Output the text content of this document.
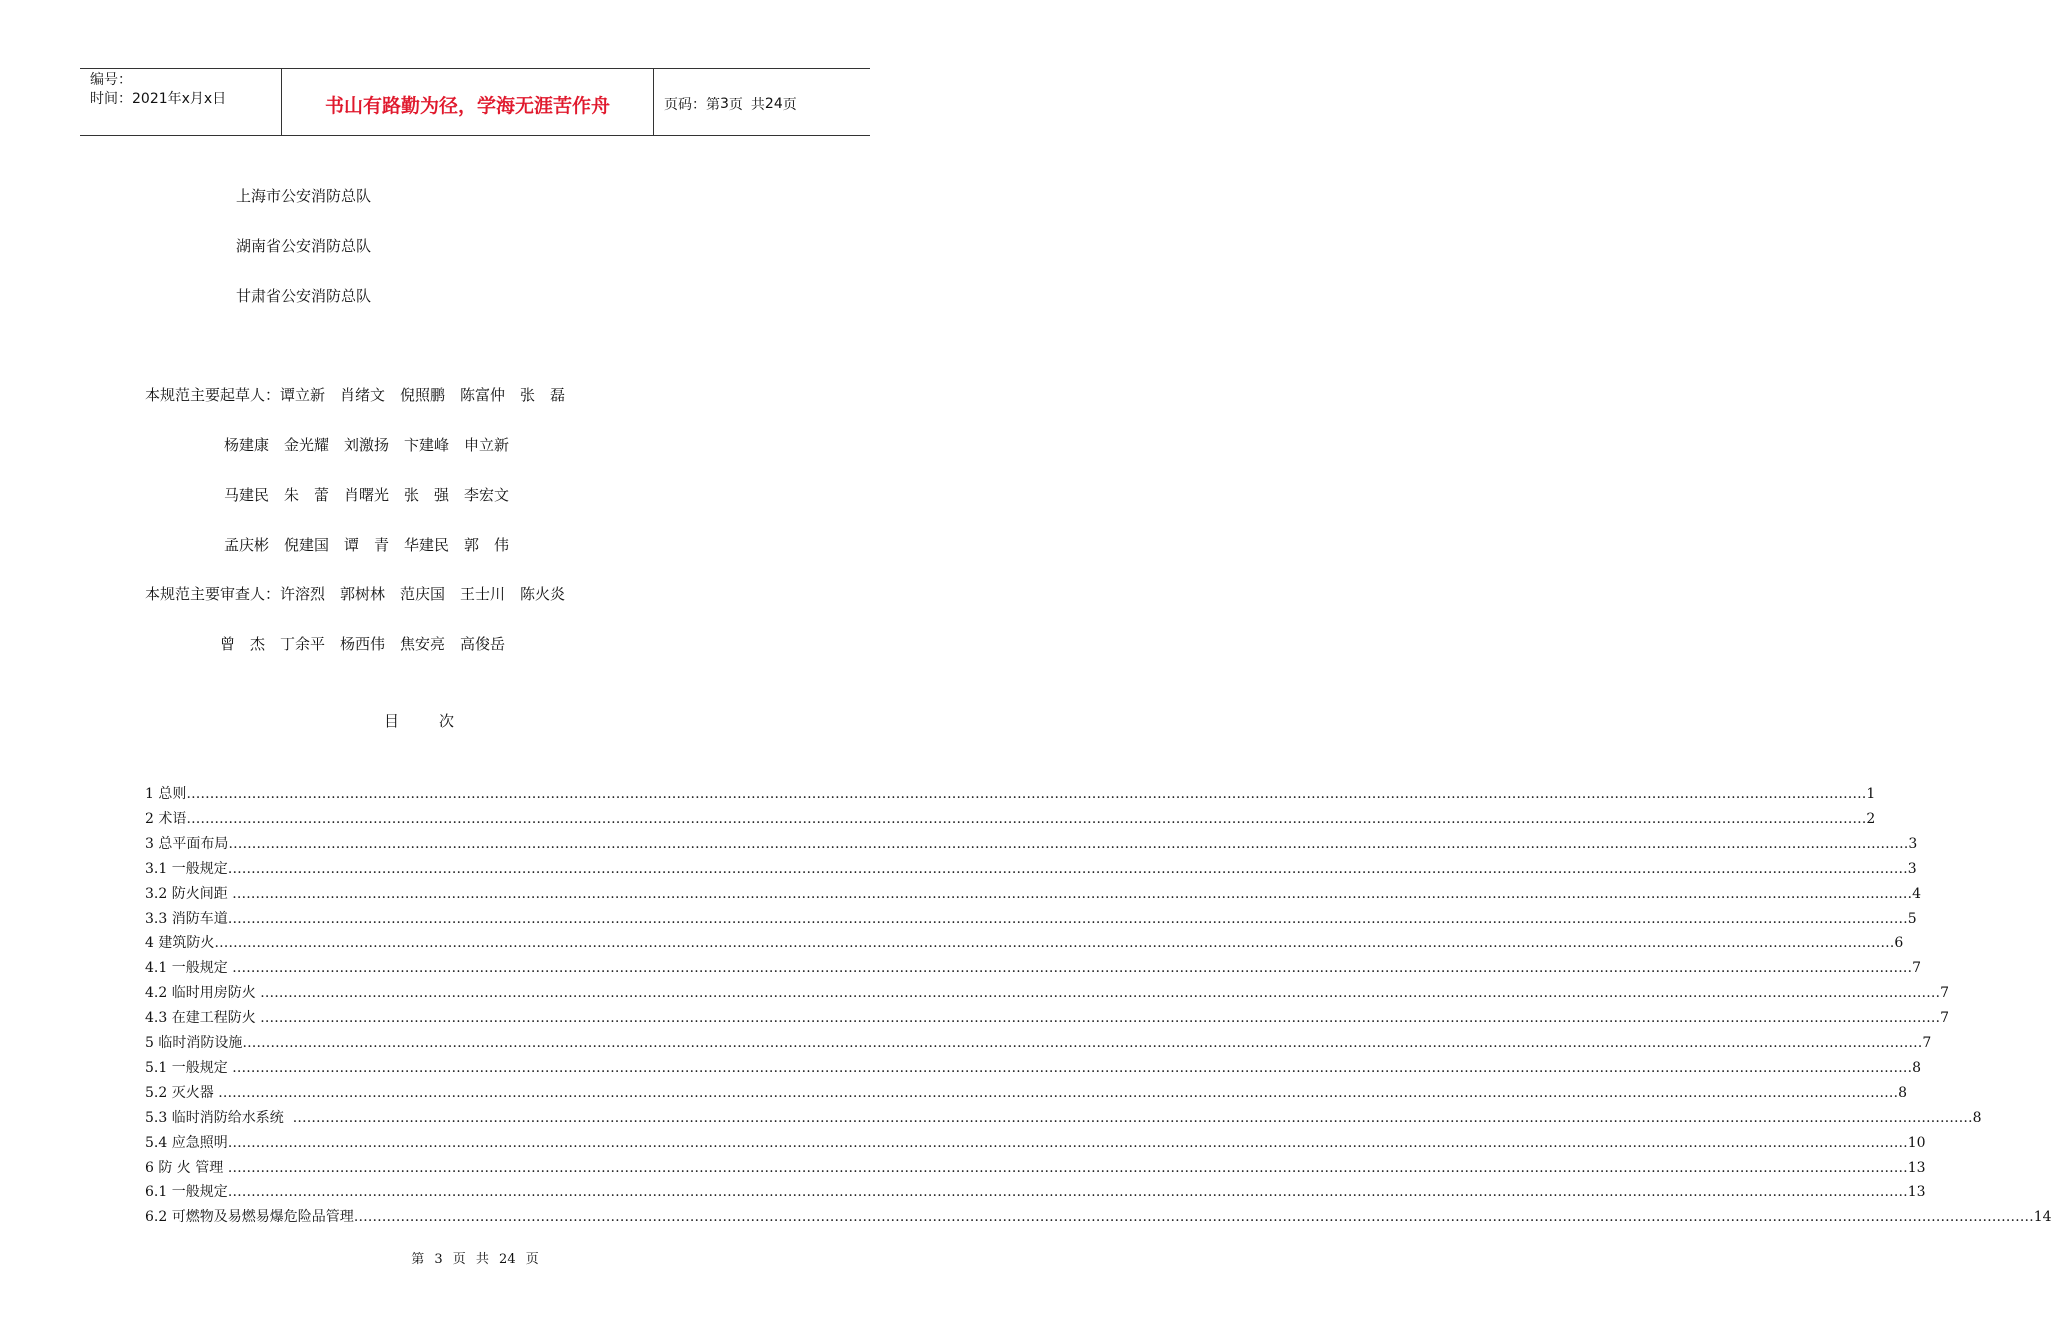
编号：
时间：2021年x月x日	书山有路勤为径，学海无涯苦作舟	页码：第 3 页 共 24 页
上海市公安消防总队
湖南省公安消防总队
甘肃省公安消防总队
本规范主要起草人：谭立新　肖绪文　倪照鹏　陈富仲　张　磊
杨建康　金光耀　刘激扬　卞建峰　申立新
马建民　朱　蕾　肖曙光　张　强　李宏文
孟庆彬　倪建国　谭　青　华建民　郭　伟
本规范主要审查人：许溶烈　郭树林　范庆国　王士川　陈火炎
曾　杰　丁余平　杨西伟　焦安亮　高俊岳
目	次
1 总则 ……………………………………………………………………………………………………………………………………………………………………………………………………………………………………………………………………………………………………………………………… 1
2 术语 ……………………………………………………………………………………………………………………………………………………………………………………………………………………………………………………………………………………………………………………………… 2
3 总平面布局 ……………………………………………………………………………………………………………………………………………………………………………………………………………………………………………………………………………………………………………………………… 3
3.1 一般规定 ……………………………………………………………………………………………………………………………………………………………………………………………………………………………………………………………………………………………………………………………… 3
3.2 防火间距 ……………………………………………………………………………………………………………………………………………………………………………………………………………………………………………………………………………………………………………………………… 4
3.3 消防车道 ……………………………………………………………………………………………………………………………………………………………………………………………………………………………………………………………………………………………………………………………… 5
4 建筑防火 ……………………………………………………………………………………………………………………………………………………………………………………………………………………………………………………………………………………………………………………………… 6
4.1 一般规定 ……………………………………………………………………………………………………………………………………………………………………………………………………………………………………………………………………………………………………………………………… 7
4.2 临时用房防火 ……………………………………………………………………………………………………………………………………………………………………………………………………………………………………………………………………………………………………………………………… 7
4.3 在建工程防火 ……………………………………………………………………………………………………………………………………………………………………………………………………………………………………………………………………………………………………………………………… 7
5 临时消防设施 ……………………………………………………………………………………………………………………………………………………………………………………………………………………………………………………………………………………………………………………………… 7
5.1 一般规定 ……………………………………………………………………………………………………………………………………………………………………………………………………………………………………………………………………………………………………………………………… 8
5.2 灭火器 ……………………………………………………………………………………………………………………………………………………………………………………………………………………………………………………………………………………………………………………………… 8
5.3 临时消防给水系统 ……………………………………………………………………………………………………………………………………………………………………………………………………………………………………………………………………………………………………………………………… 8
5.4 应急照明 ……………………………………………………………………………………………………………………………………………………………………………………………………………………………………………………………………………………………………………………………… 10
6 防 火 管理 ……………………………………………………………………………………………………………………………………………………………………………………………………………………………………………………………………………………………………………………………… 13
6.1 一般规定 ……………………………………………………………………………………………………………………………………………………………………………………………………………………………………………………………………………………………………………………………… 13
6.2 可燃物及易燃易爆危险品管理 ……………………………………………………………………………………………………………………………………………………………………………………………………………………………………………………………………………………………………………………………… 14
第 3 页 共 24 页
